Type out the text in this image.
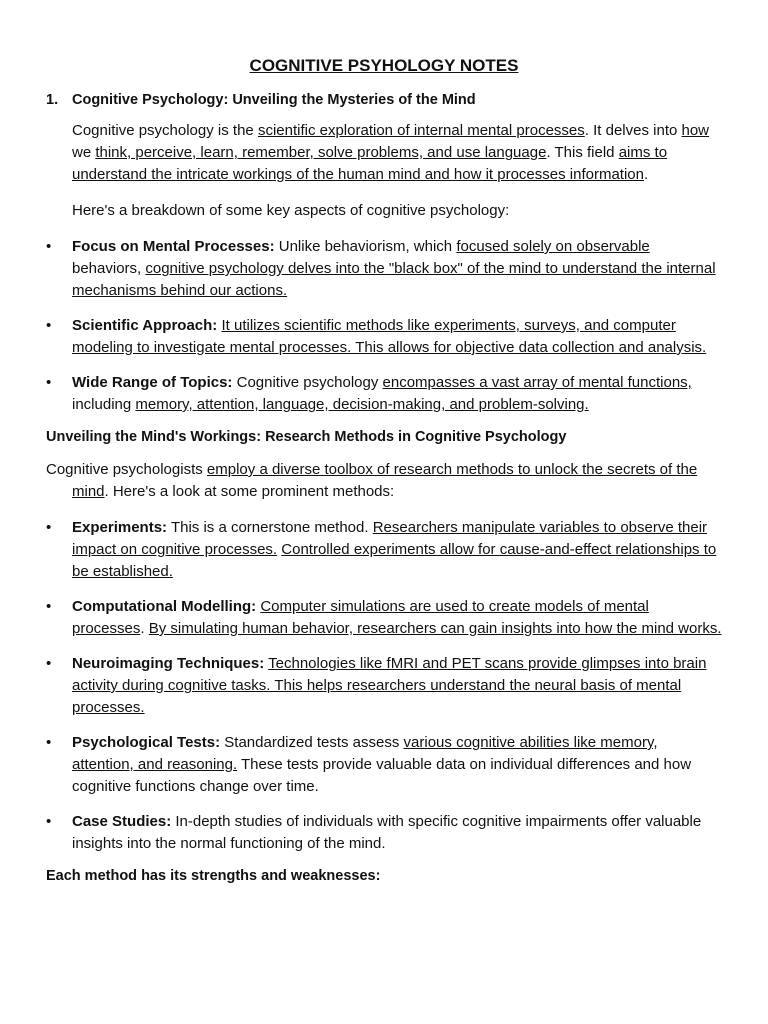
COGNITIVE PSYHOLOGY NOTES
1. Cognitive Psychology: Unveiling the Mysteries of the Mind

Cognitive psychology is the scientific exploration of internal mental processes. It delves into how we think, perceive, learn, remember, solve problems, and use language. This field aims to understand the intricate workings of the human mind and how it processes information.

Here's a breakdown of some key aspects of cognitive psychology:

•	Focus on Mental Processes: Unlike behaviorism, which focused solely on observable behaviors, cognitive psychology delves into the "black box" of the mind to understand the internal mechanisms behind our actions.
•	Scientific Approach: It utilizes scientific methods like experiments, surveys, and computer modeling to investigate mental processes. This allows for objective data collection and analysis.
•	Wide Range of Topics: Cognitive psychology encompasses a vast array of mental functions, including memory, attention, language, decision-making, and problem-solving.
Unveiling the Mind's Workings: Research Methods in Cognitive Psychology

Cognitive psychologists employ a diverse toolbox of research methods to unlock the secrets of the mind. Here's a look at some prominent methods:

•	Experiments: This is a cornerstone method. Researchers manipulate variables to observe their impact on cognitive processes. Controlled experiments allow for cause-and-effect relationships to be established.
•	Computational Modelling: Computer simulations are used to create models of mental processes. By simulating human behavior, researchers can gain insights into how the mind works.
•	Neuroimaging Techniques: Technologies like fMRI and PET scans provide glimpses into brain activity during cognitive tasks. This helps researchers understand the neural basis of mental processes.
•	Psychological Tests: Standardized tests assess various cognitive abilities like memory, attention, and reasoning. These tests provide valuable data on individual differences and how cognitive functions change over time.
•	Case Studies: In-depth studies of individuals with specific cognitive impairments offer valuable insights into the normal functioning of the mind.
Each method has its strengths and weaknesses:
